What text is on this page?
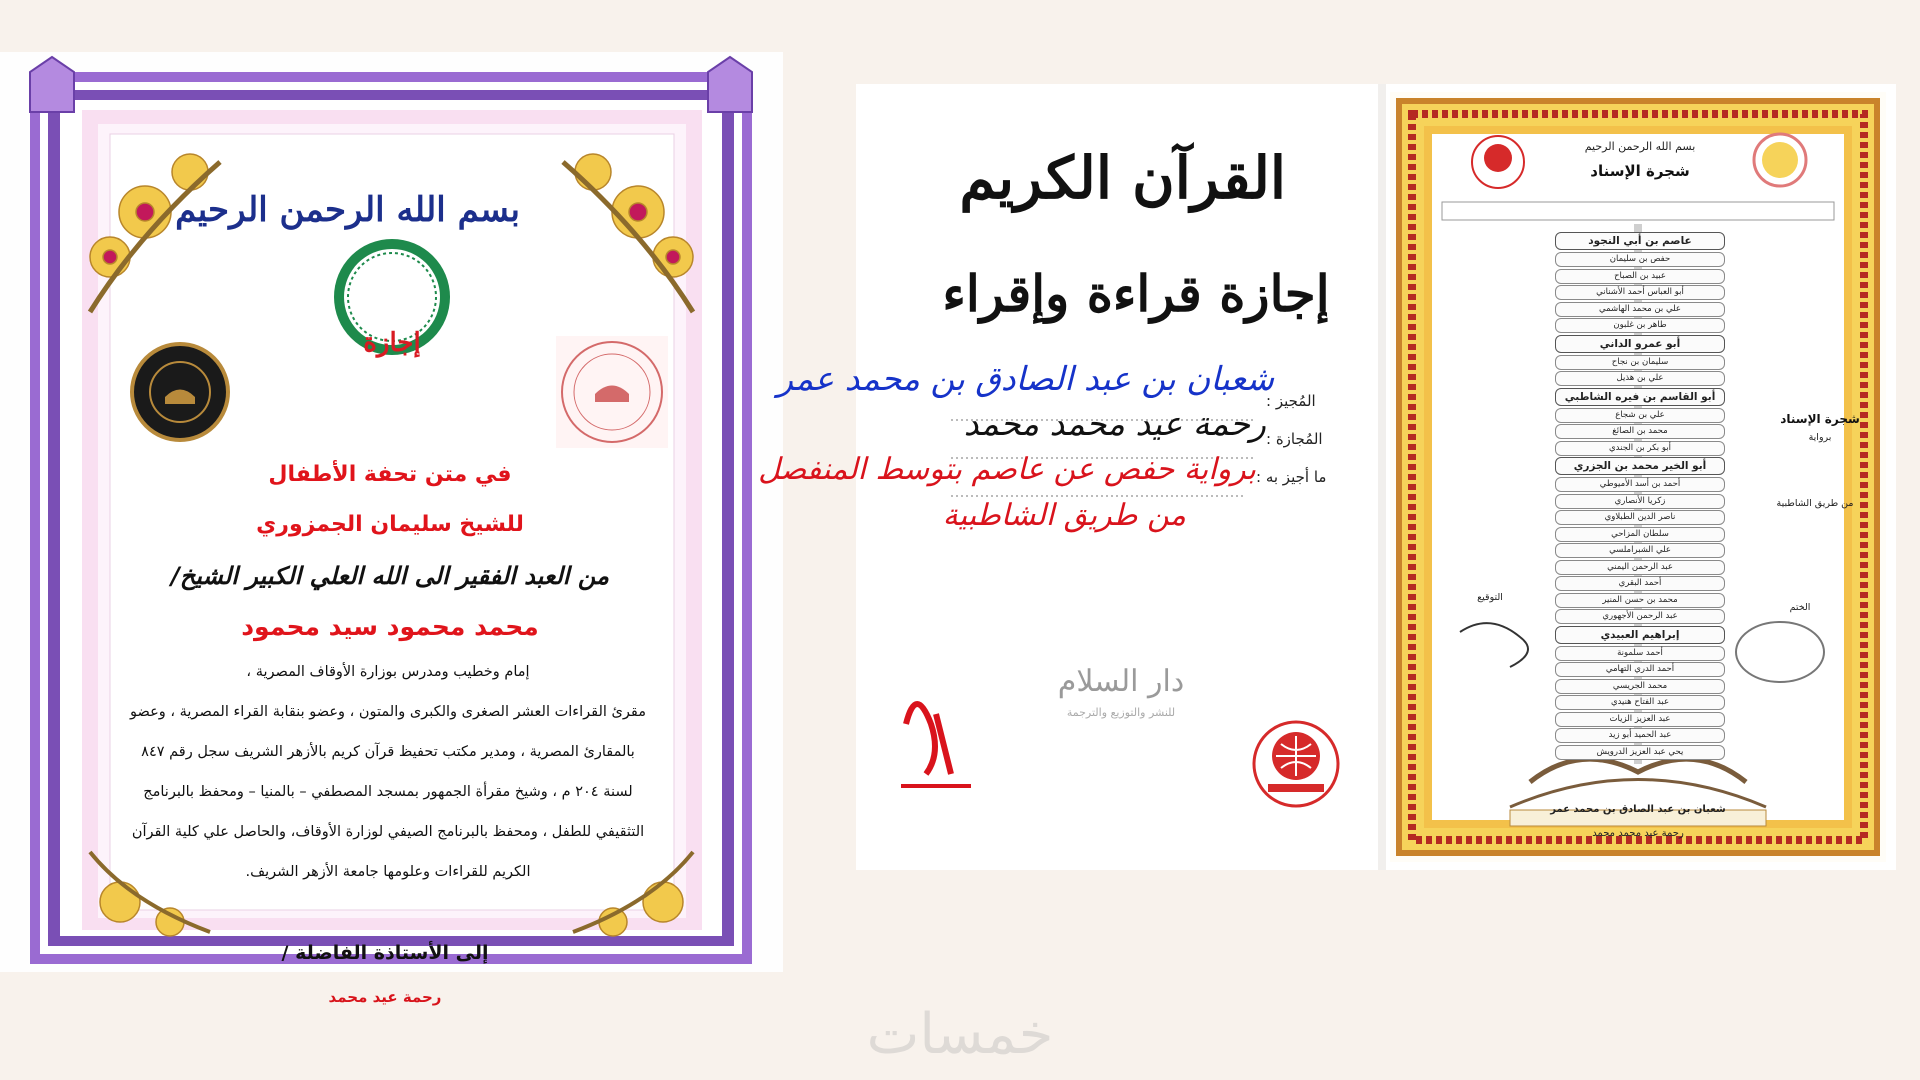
بسم الله الرحمن الرحيم
إجازة
في متن تحفة الأطفال
للشيخ سليمان الجمزوري
من العبد الفقير الى الله العلي الكبير الشيخ/
محمد محمود سيد محمود
إمام وخطيب ومدرس بوزارة الأوقاف المصرية ،
مقرئ القراءات العشر الصغرى والكبرى والمتون ، وعضو بنقابة القراء المصرية ، وعضو
بالمقارئ المصرية ، ومدير مكتب تحفيظ قرآن كريم بالأزهر الشريف سجل رقم ٨٤٧
لسنة ٢٠٤ م ، وشيخ مقرأة الجمهور بمسجد المصطفي – بالمنيا – ومحفظ بالبرنامج
التثقيفي للطفل ، ومحفظ بالبرنامج الصيفي لوزارة الأوقاف، والحاصل علي كلية القرآن
الكريم للقراءات وعلومها جامعة الأزهر الشريف.
إلى الأستاذة الفاضلة /
رحمة عيد محمد
القرآن الكريم
إجازة قراءة وإقراء
المُجيز :
المُجازة :
ما أجيز به :
شعبان بن عبد الصادق بن محمد عمر
رحمة عيد محمد محمد
برواية حفص عن عاصم بتوسط المنفصل
من طريق الشاطبية
دار السلام
للنشر والتوزيع والترجمة
بسم الله الرحمن الرحيم
شجرة الإسناد
شجرة الإسناد
برواية
من طريق الشاطبية
الختم
التوقيع
عاصم بن أبي النجود
حفص بن سليمان
عبيد بن الصباح
أبو العباس أحمد الأشناني
علي بن محمد الهاشمي
طاهر بن غلبون
أبو عمرو الداني
سليمان بن نجاح
علي بن هذيل
أبو القاسم بن فيره الشاطبي
علي بن شجاع
محمد بن الصائغ
أبو بكر بن الجندي
أبو الخير محمد بن الجزري
أحمد بن أسد الأميوطي
زكريا الأنصاري
ناصر الدين الطبلاوي
سلطان المزاحي
علي الشبراملسي
عبد الرحمن اليمني
أحمد البقري
محمد بن حسن المنير
عبد الرحمن الأجهوري
إبراهيم العبيدي
أحمد سلمونة
أحمد الدري التهامي
محمد الجريسي
عبد الفتاح هنيدي
عبد العزيز الزيات
عبد الحميد أبو زيد
يحي عبد العزيز الدرويش
شعبان بن عبد الصادق بن محمد عمر
رحمة عيد محمد محمد
خمسات
